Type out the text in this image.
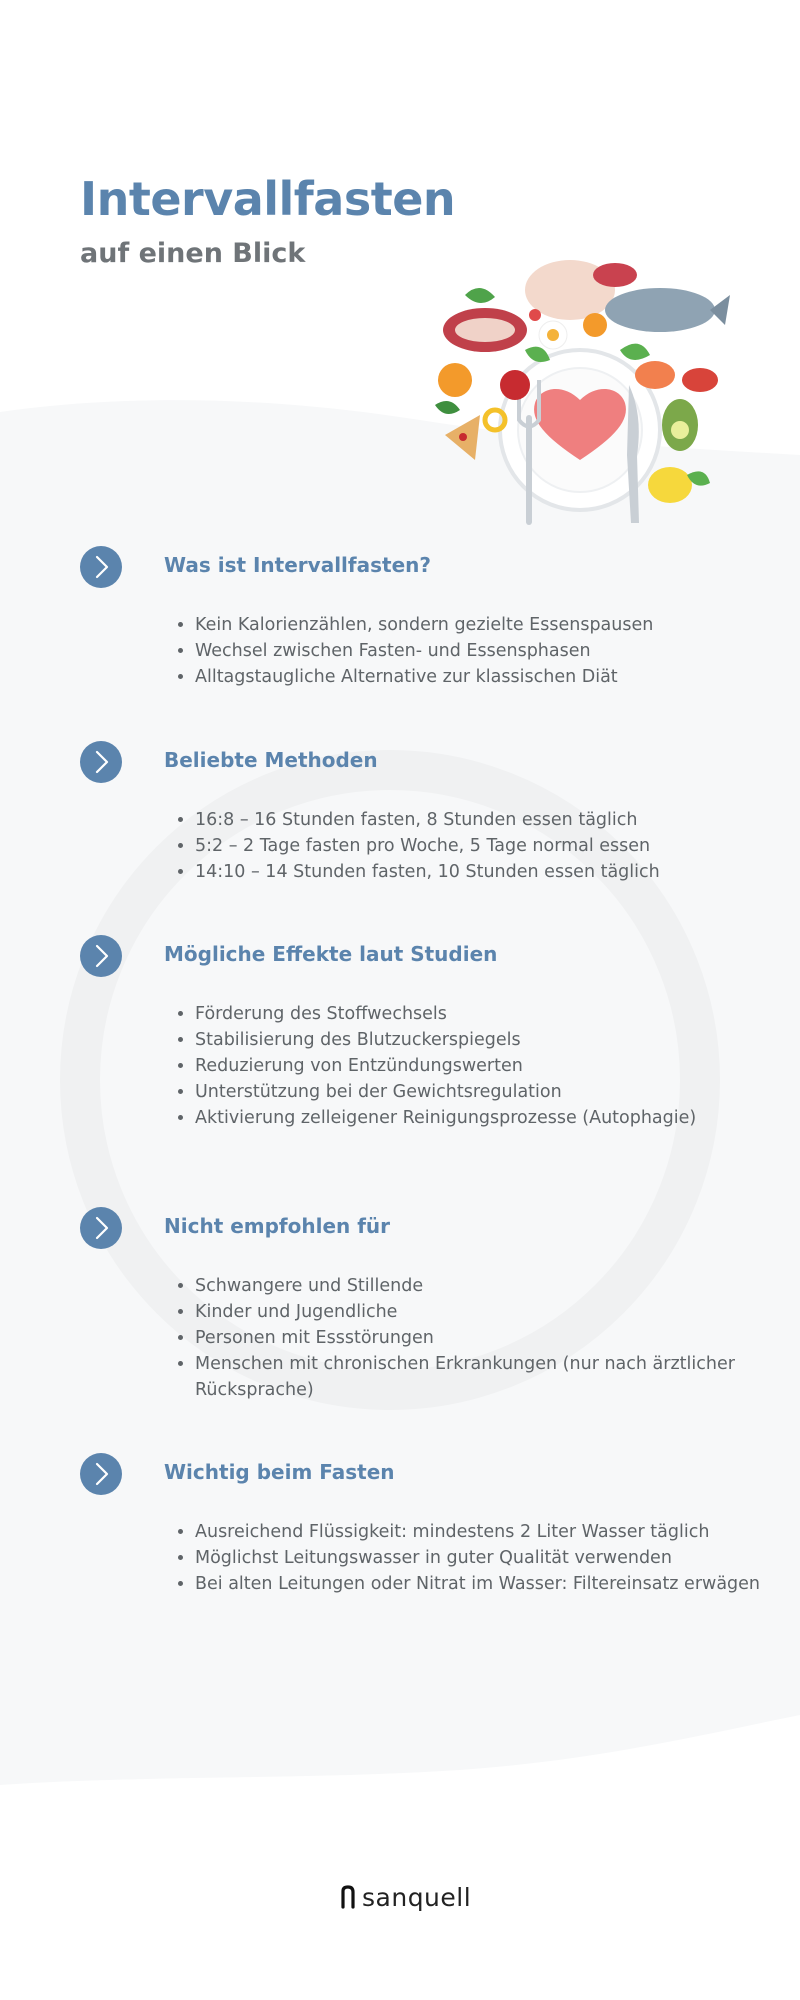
Intervallfasten
auf einen Blick
Was ist Intervallfasten?
• Kein Kalorienzählen, sondern gezielte Essenspausen
• Wechsel zwischen Fasten- und Essensphasen
• Alltagstaugliche Alternative zur klassischen Diät
Beliebte Methoden
• 16:8 – 16 Stunden fasten, 8 Stunden essen täglich
• 5:2 – 2 Tage fasten pro Woche, 5 Tage normal essen
• 14:10 – 14 Stunden fasten, 10 Stunden essen täglich
Mögliche Effekte laut Studien
• Förderung des Stoffwechsels
• Stabilisierung des Blutzuckerspiegels
• Reduzierung von Entzündungswerten
• Unterstützung bei der Gewichtsregulation
• Aktivierung zelleigener Reinigungsprozesse (Autophagie)
Nicht empfohlen für
• Schwangere und Stillende
• Kinder und Jugendliche
• Personen mit Essstörungen
• Menschen mit chronischen Erkrankungen (nur nach ärztlicher Rücksprache)
Wichtig beim Fasten
• Ausreichend Flüssigkeit: mindestens 2 Liter Wasser täglich
• Möglichst Leitungswasser in guter Qualität verwenden
• Bei alten Leitungen oder Nitrat im Wasser: Filtereinsatz erwägen
sanquell
